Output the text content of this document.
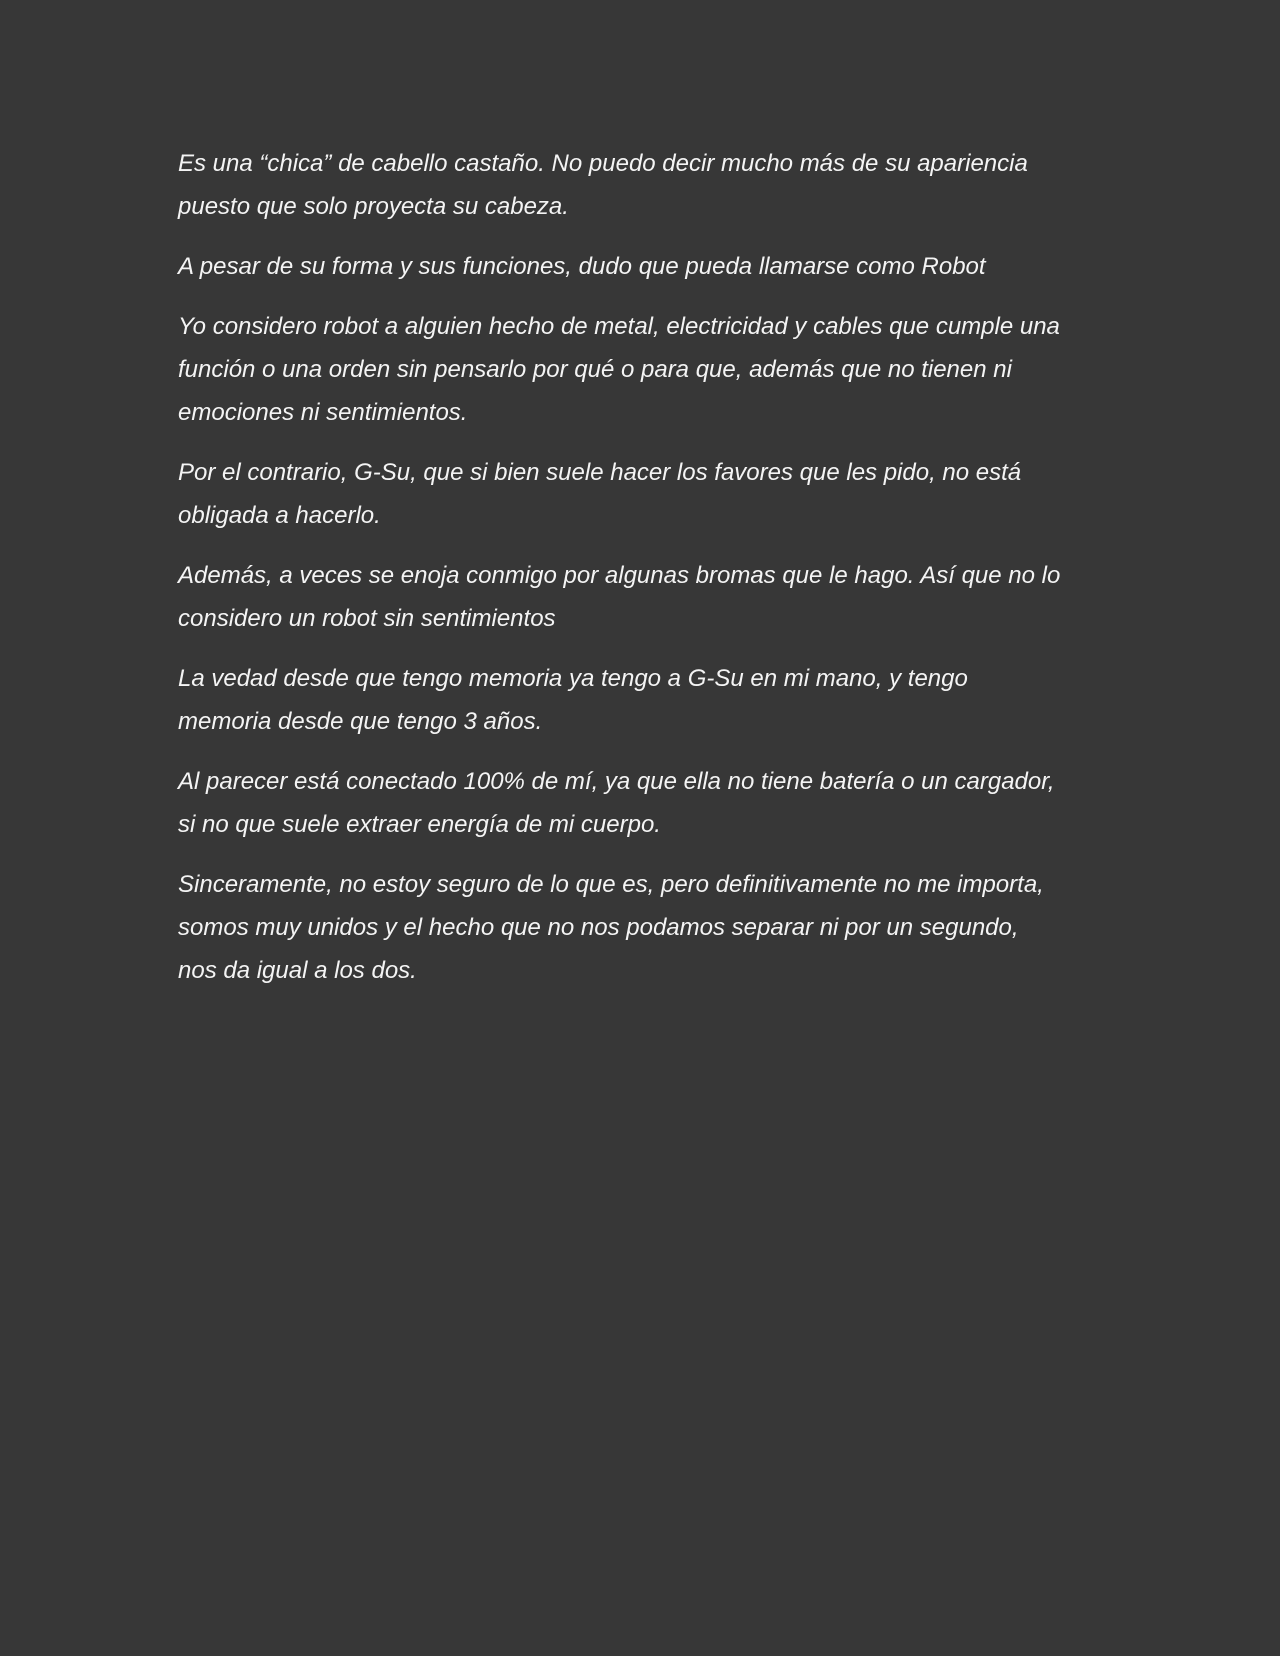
Es una “chica” de cabello castaño. No puedo decir mucho más de su apariencia
puesto que solo proyecta su cabeza.

A pesar de su forma y sus funciones, dudo que pueda llamarse como Robot

Yo considero robot a alguien hecho de metal, electricidad y cables que cumple una
función o una orden sin pensarlo por qué o para que, además que no tienen ni
emociones ni sentimientos.

Por el contrario, G-Su, que si bien suele hacer los favores que les pido, no está
obligada a hacerlo.

Además, a veces se enoja conmigo por algunas bromas que le hago. Así que no lo
considero un robot sin sentimientos

La vedad desde que tengo memoria ya tengo a G-Su en mi mano, y tengo
memoria desde que tengo 3 años.

Al parecer está conectado 100% de mí, ya que ella no tiene batería o un cargador,
si no que suele extraer energía de mi cuerpo.

Sinceramente, no estoy seguro de lo que es, pero definitivamente no me importa,
somos muy unidos y el hecho que no nos podamos separar ni por un segundo,
nos da igual a los dos.
